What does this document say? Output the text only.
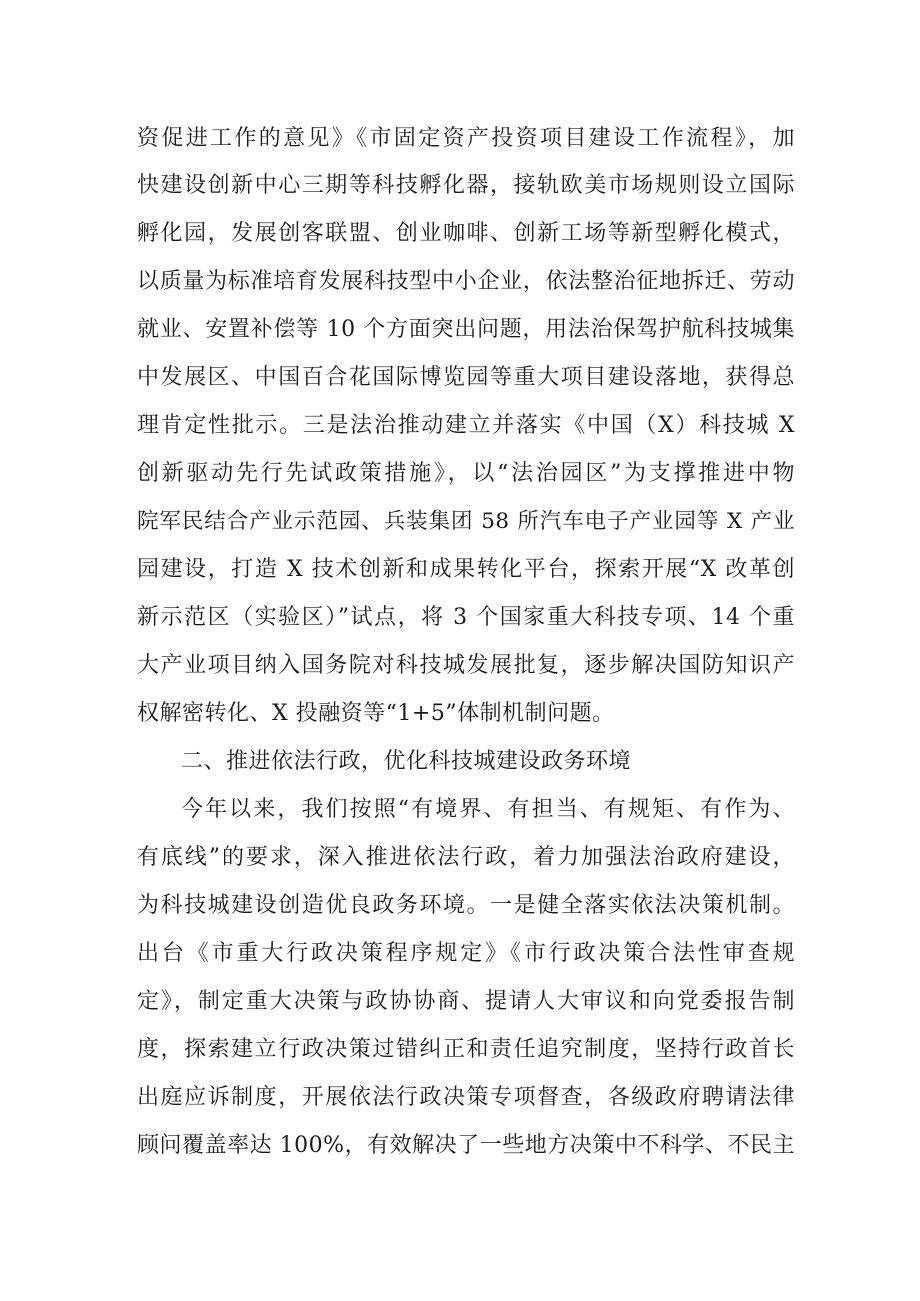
资促进工作的意见》《市固定资产投资项目建设工作流程》，加
快建设创新中心三期等科技孵化器，接轨欧美市场规则设立国际
孵化园，发展创客联盟、创业咖啡、创新工场等新型孵化模式，
以质量为标准培育发展科技型中小企业，依法整治征地拆迁、劳动
就业、安置补偿等 10 个方面突出问题，用法治保驾护航科技城集
中发展区、中国百合花国际博览园等重大项目建设落地，获得总
理肯定性批示。三是法治推动建立并落实《中国（X）科技城 X
创新驱动先行先试政策措施》，以“法治园区”为支撑推进中物
院军民结合产业示范园、兵装集团 58 所汽车电子产业园等 X 产业
园建设，打造 X 技术创新和成果转化平台，探索开展“X 改革创
新示范区（实验区）”试点，将 3 个国家重大科技专项、14 个重
大产业项目纳入国务院对科技城发展批复，逐步解决国防知识产
权解密转化、X 投融资等“1+5”体制机制问题。
二、推进依法行政，优化科技城建设政务环境
今年以来，我们按照“有境界、有担当、有规矩、有作为、
有底线”的要求，深入推进依法行政，着力加强法治政府建设，
为科技城建设创造优良政务环境。一是健全落实依法决策机制。
出台《市重大行政决策程序规定》《市行政决策合法性审查规
定》，制定重大决策与政协协商、提请人大审议和向党委报告制
度，探索建立行政决策过错纠正和责任追究制度，坚持行政首长
出庭应诉制度，开展依法行政决策专项督查，各级政府聘请法律
顾问覆盖率达 100%，有效解决了一些地方决策中不科学、不民主
